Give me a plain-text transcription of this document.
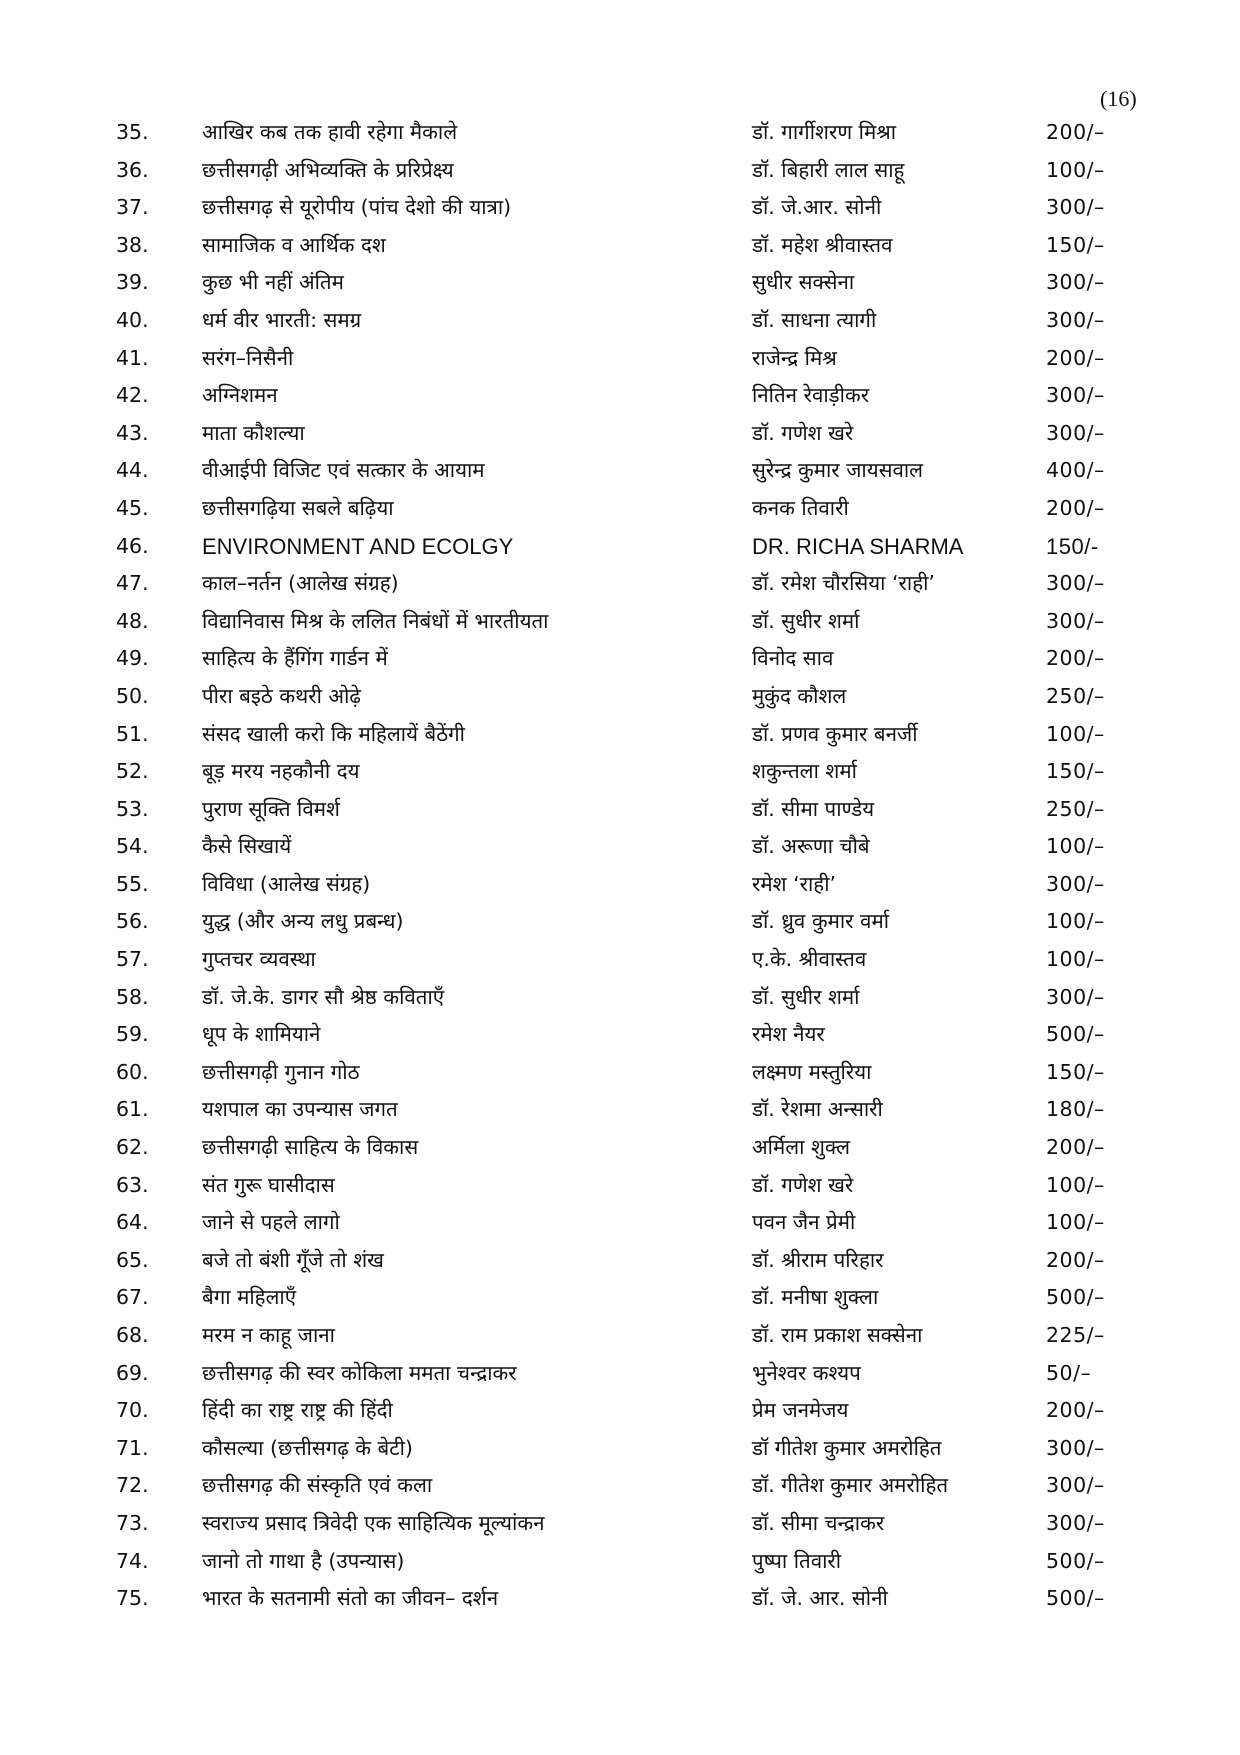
(16)
35.	आखिर कब तक हावी रहेगा मैकाले	डॉ. गार्गीशरण मिश्रा	200/–
36.	छत्तीसगढ़ी अभिव्यक्ति के प्ररिप्रेक्ष्य	डॉ. बिहारी लाल साहू	100/–
37.	छत्तीसगढ़ से यूरोपीय (पांच देशो की यात्रा)	डॉ. जे.आर. सोनी	300/–
38.	सामाजिक व आर्थिक दश	डॉ. महेश श्रीवास्तव	150/–
39.	कुछ भी नहीं अंतिम	सुधीर सक्सेना	300/–
40.	धर्म वीर भारती: समग्र	डॉ. साधना त्यागी	300/–
41.	सरंग–निसैनी	राजेन्द्र मिश्र	200/–
42.	अग्निशमन	नितिन रेवाड़ीकर	300/–
43.	माता कौशल्या	डॉ. गणेश खरे	300/–
44.	वीआईपी विजिट एवं सत्कार के आयाम	सुरेन्द्र कुमार जायसवाल	400/–
45.	छत्तीसगढ़िया सबले बढ़िया	कनक तिवारी	200/–
46. ENVIRONMENT AND ECOLGY	DR. RICHA SHARMA	150/-
47.	काल–नर्तन (आलेख संग्रह)	डॉ. रमेश चौरसिया ‘राही’	300/–
48.	विद्यानिवास मिश्र के ललित निबंधों में भारतीयता	डॉ. सुधीर शर्मा	300/–
49.	साहित्य के हैंगिंग गार्डन में	विनोद साव	200/–
50.	पीरा बइठे कथरी ओढ़े	मुकुंद कौशल	250/–
51.	संसद खाली करो कि महिलायें बैठेंगी	डॉ. प्रणव कुमार बनर्जी	100/–
52.	बूड़ मरय नहकौनी दय	शकुन्तला शर्मा	150/–
53.	पुराण सूक्ति विमर्श	डॉ. सीमा पाण्डेय	250/–
54.	कैसे सिखायें	डॉ. अरूणा चौबे	100/–
55.	विविधा (आलेख संग्रह)	रमेश ‘राही’	300/–
56.	युद्ध (और अन्य लधु प्रबन्ध)	डॉ. ध्रुव कुमार वर्मा	100/–
57.	गुप्तचर व्यवस्था	ए.के. श्रीवास्तव	100/–
58.	डॉ. जे.के. डागर सौ श्रेष्ठ कविताएँ	डॉ. सुधीर शर्मा	300/–
59.	धूप के शामियाने	रमेश नैयर	500/–
60.	छत्तीसगढ़ी गुनान गोठ	लक्ष्मण मस्तुरिया	150/–
61.	यशपाल का उपन्यास जगत	डॉ. रेशमा अन्सारी	180/–
62.	छत्तीसगढ़ी साहित्य के विकास	अर्मिला शुक्ल	200/–
63.	संत गुरू घासीदास	डॉ. गणेश खरे	100/–
64.	जाने से पहले लागो	पवन जैन प्रेमी	100/–
65.	बजे तो बंशी गूँजे तो शंख	डॉ. श्रीराम परिहार	200/–
67.	बैगा महिलाएँ	डॉ. मनीषा शुक्ला	500/–
68.	मरम न काहू जाना	डॉ. राम प्रकाश सक्सेना	225/–
69.	छत्तीसगढ़ की स्वर कोकिला ममता चन्द्राकर	भुनेश्वर कश्यप	50/–
70.	हिंदी का राष्ट्र राष्ट्र की हिंदी	प्रेम जनमेजय	200/–
71.	कौसल्या (छत्तीसगढ़ के बेटी)	डॉ गीतेश कुमार अमरोहित	300/–
72.	छत्तीसगढ़ की संस्कृति एवं कला	डॉ. गीतेश कुमार अमरोहित	300/–
73.	स्वराज्य प्रसाद त्रिवेदी एक साहित्यिक मूल्यांकन	डॉ. सीमा चन्द्राकर	300/–
74.	जानो तो गाथा है (उपन्यास)	पुष्पा तिवारी	500/–
75.	भारत के सतनामी संतो का जीवन– दर्शन	डॉ. जे. आर. सोनी	500/–
